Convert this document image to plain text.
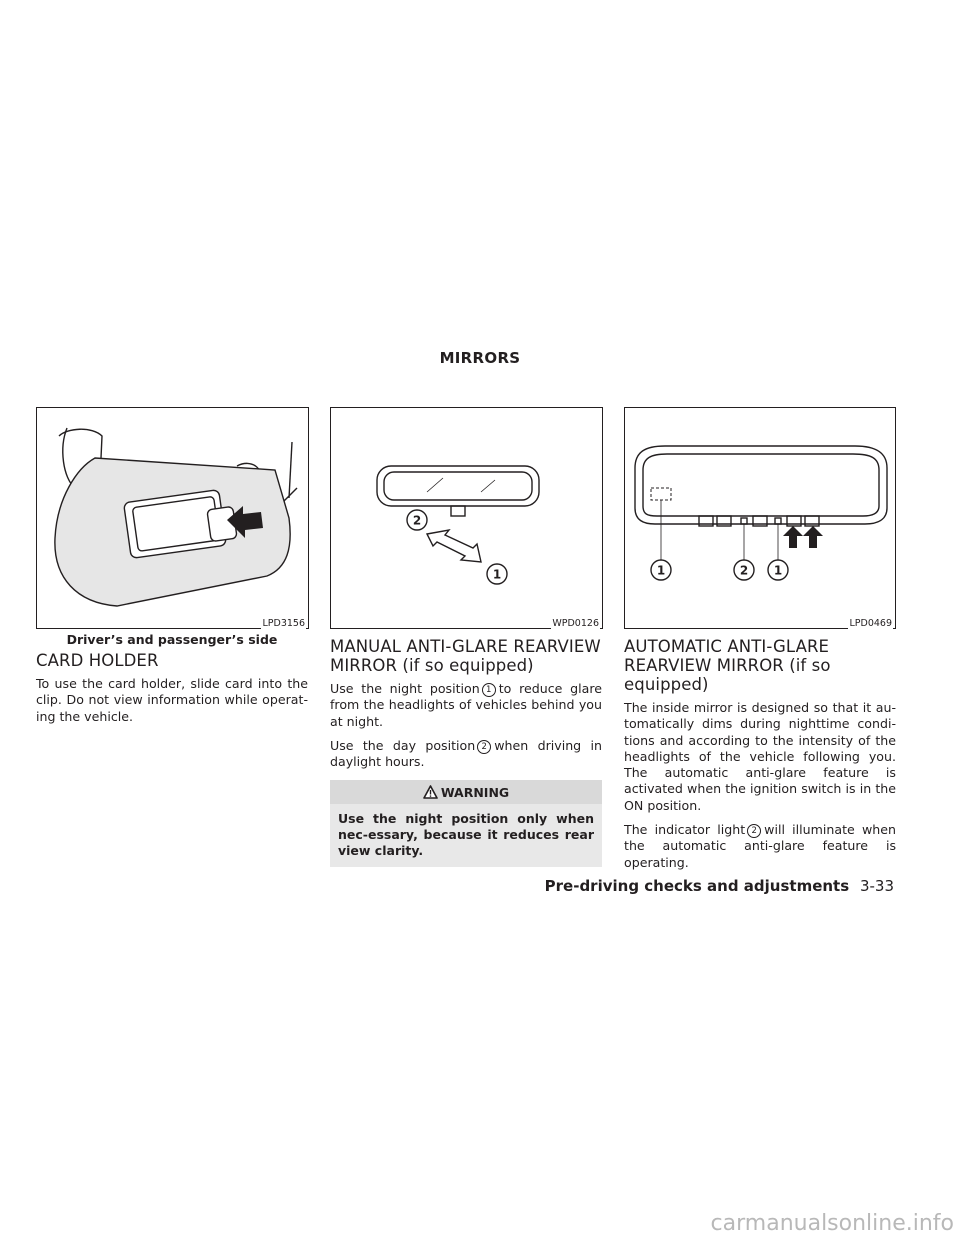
MIRRORS
LPD3156
Driver’s and passenger’s side
2
1
WPD0126
1	2 1
LPD0469
CARD HOLDER

To use the card holder, slide card into the clip. Do not view information while operat-ing the vehicle.

MANUAL ANTI-GLARE REARVIEW
MIRROR (if so equipped)

Use the night position 1 to reduce glare from the headlights of vehicles behind you at night.

Use the day position 2 when driving in daylight hours.

WARNING
Use the night position only when nec-essary, because it reduces rear view clarity.
AUTOMATIC ANTI-GLARE
REARVIEW MIRROR (if so equipped)

The inside mirror is designed so that it au-tomatically dims during nighttime condi-tions and according to the intensity of the headlights of the vehicle following you. The automatic anti-glare feature is activated when the ignition switch is in the ON position.

The indicator light 2 will illuminate when the automatic anti-glare feature is operating.

Pre-driving checks and adjustments 3-33
carmanualsonline.info
